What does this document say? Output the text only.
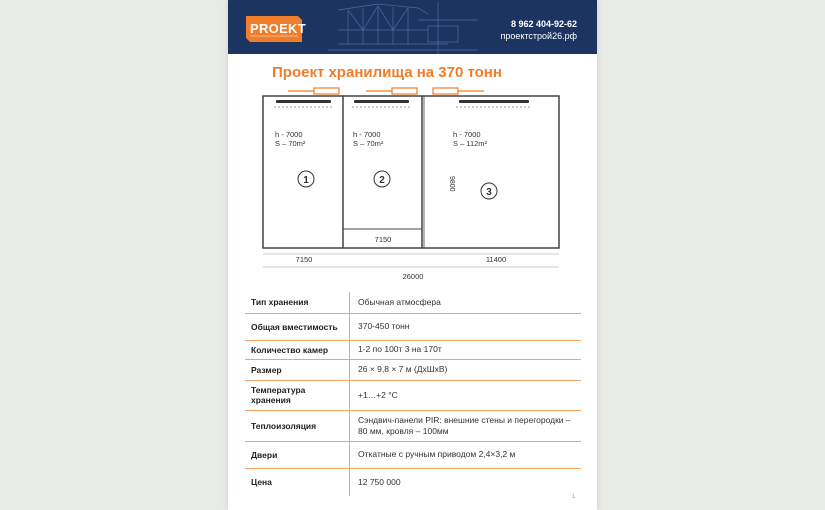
PROEKT	8 962 404-92-62
проектстрой26.рф
Проект хранилища на 370 тонн
h - 7000
S – 70m²
h - 7000
S – 70m²
h - 7000
S – 112m²
1	2
3
9800
7150
7150	11400
26000
Тип хранения	Обычная атмосфера
Общая вместимость	370-450 тонн
Количество камер	1-2 по 100т 3 на 170т
Размер	26 × 9,8 × 7 м (ДхШхВ)
Температура хранения	+1…+2 °С
Теплоизоляция	Сэндвич-панели PIR: внешние стены и перегородки – 80 мм, кровля – 100мм
Двери	Откатные с ручным приводом 2,4×3,2 м
Цена	12 750 000
1
